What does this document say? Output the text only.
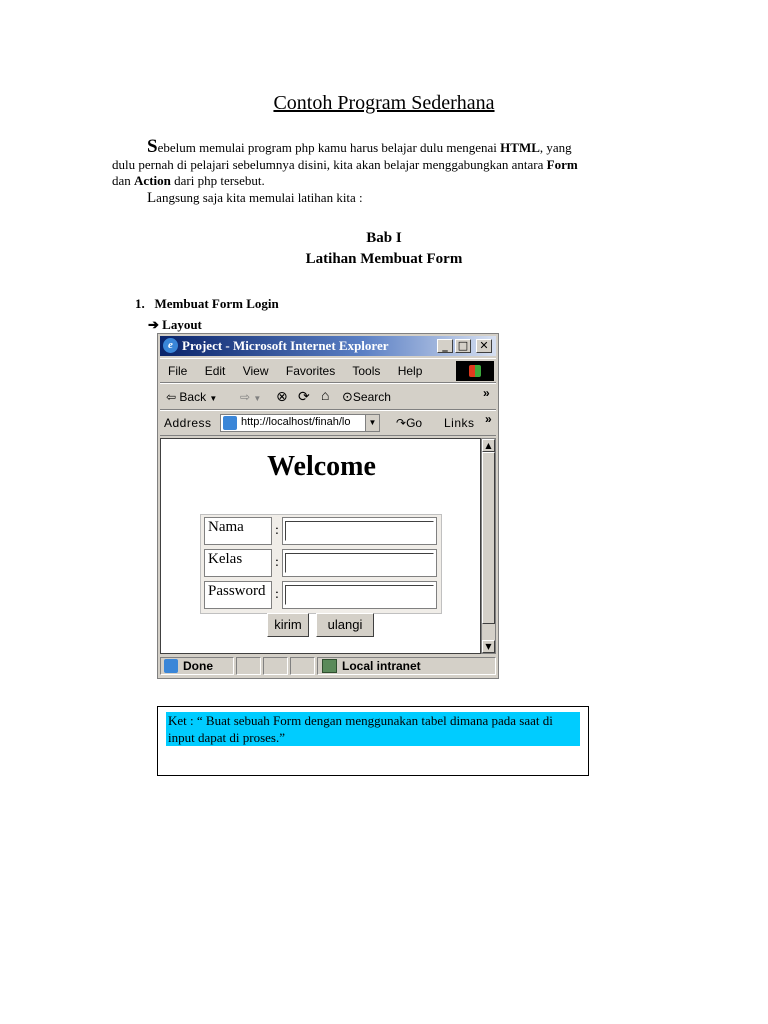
Contoh Program Sederhana
Sebelum memulai program php kamu harus belajar dulu mengenai HTML, yang
dulu pernah di pelajari sebelumnya disini, kita akan belajar menggabungkan antara Form
dan Action dari php tersebut.
Langsung saja kita memulai latihan kita :
Bab I
Latihan Membuat Form
1.   Membuat Form Login
➔ Layout
e Project - Microsoft Internet Explorer	_ □	✕
File Edit View Favorites Tools Help
⇦ Back ▼ ⇨ ▼ ⊗ ⟳ ⌂ ⊙Search	»
Address	http://localhost/finah/lo	▼ ↷Go Links »
Welcome
Nama	:
Kelas	:
Password :
kirim	ulangi
▲
▼
Done	Local intranet
Ket : “ Buat sebuah Form dengan menggunakan tabel dimana pada saat di input dapat di proses.”
